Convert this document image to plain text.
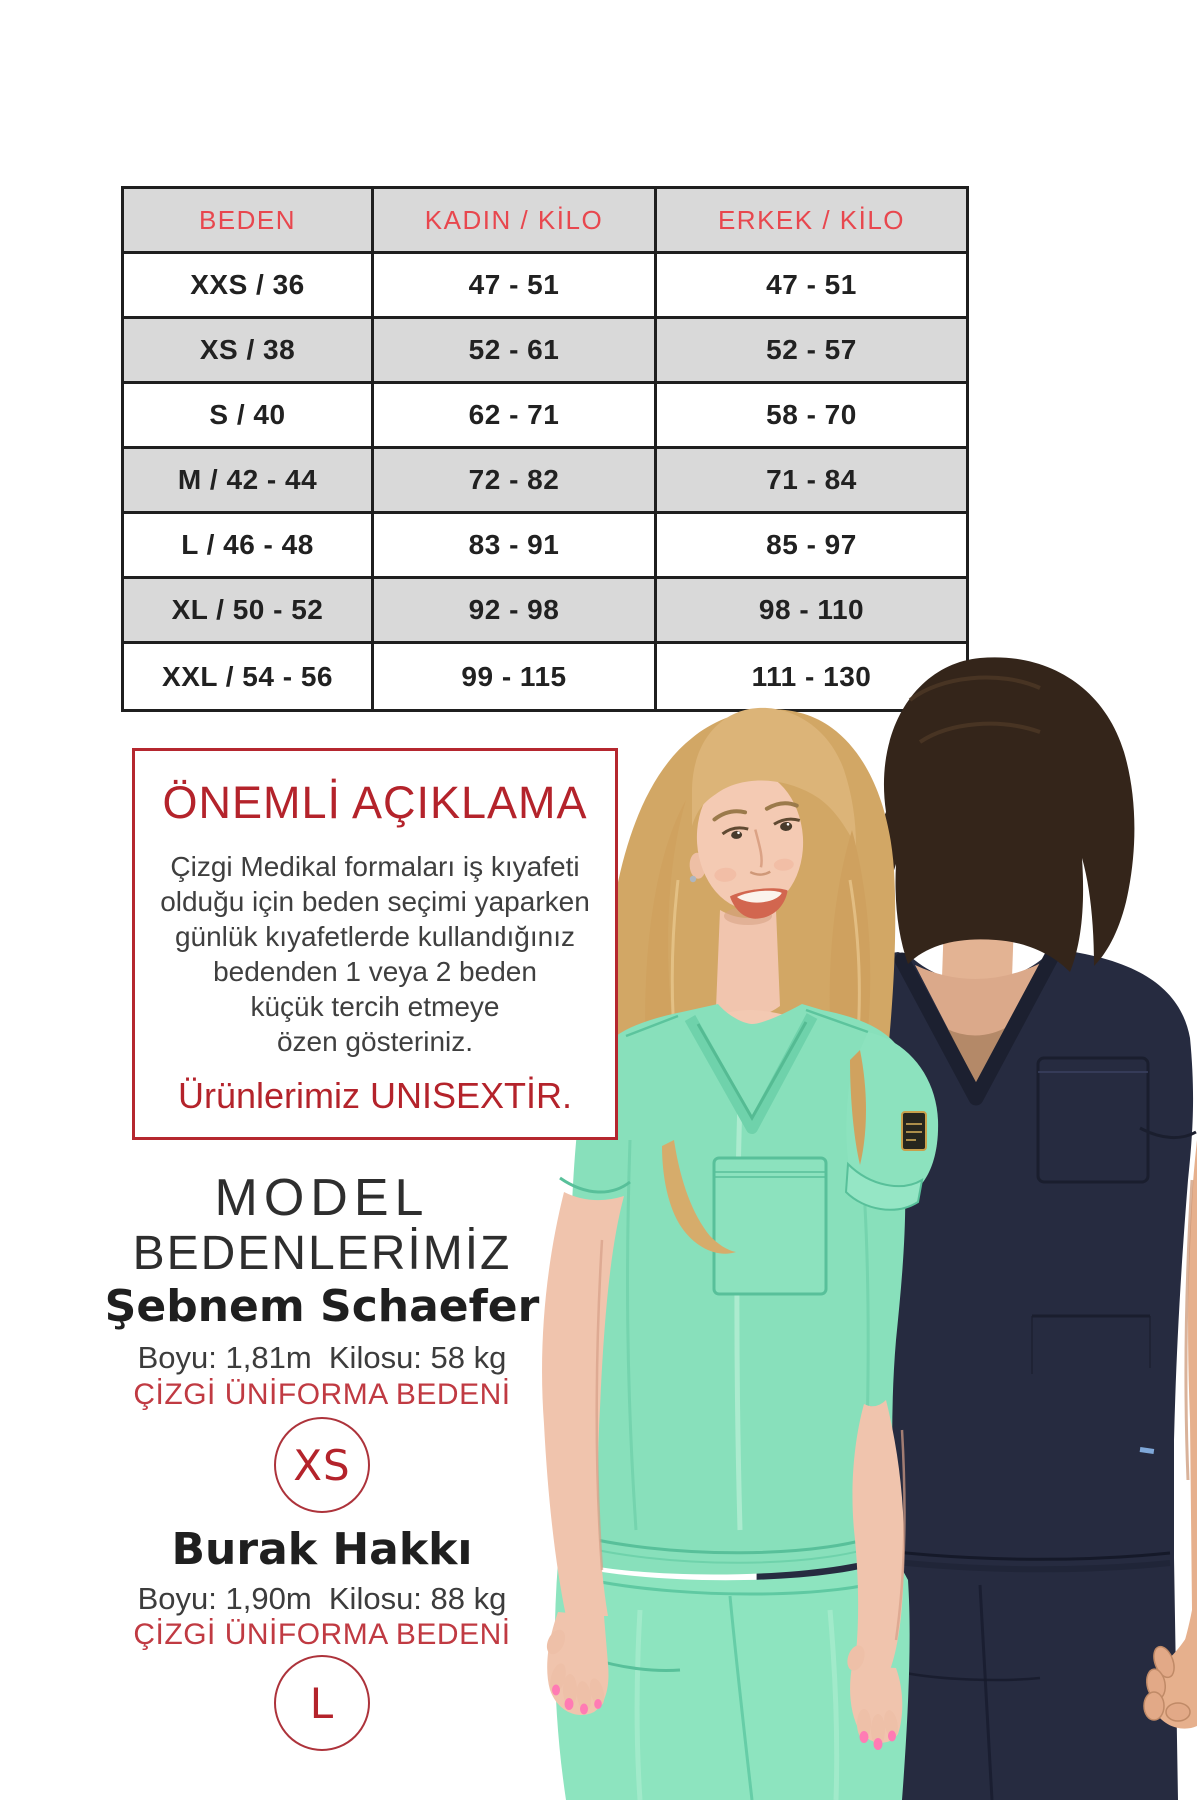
BEDEN	KADIN / KİLO	ERKEK / KİLO
XXS / 36	47 - 51	47 - 51
XS / 38	52 - 61	52 - 57
S / 40	62 - 71	58 - 70
M / 42 - 44	72 - 82	71 - 84
L / 46 - 48	83 - 91	85 - 97
XL / 50 - 52	92 - 98	98 - 110
XXL / 54 - 56	99 - 115	111 - 130
ÖNEMLİ AÇIKLAMA
Çizgi Medikal formaları iş kıyafeti
olduğu için beden seçimi yaparken
günlük kıyafetlerde kullandığınız
bedenden 1 veya 2 beden
küçük tercih etmeye
özen gösteriniz.
Ürünlerimiz UNISEXTİR.
MODEL
BEDENLERİMİZ
Şebnem Schaefer
Boyu: 1,81m  Kilosu: 58 kg
ÇİZGİ ÜNİFORMA BEDENİ
XS
Burak Hakkı
Boyu: 1,90m  Kilosu: 88 kg
ÇİZGİ ÜNİFORMA BEDENİ
L
